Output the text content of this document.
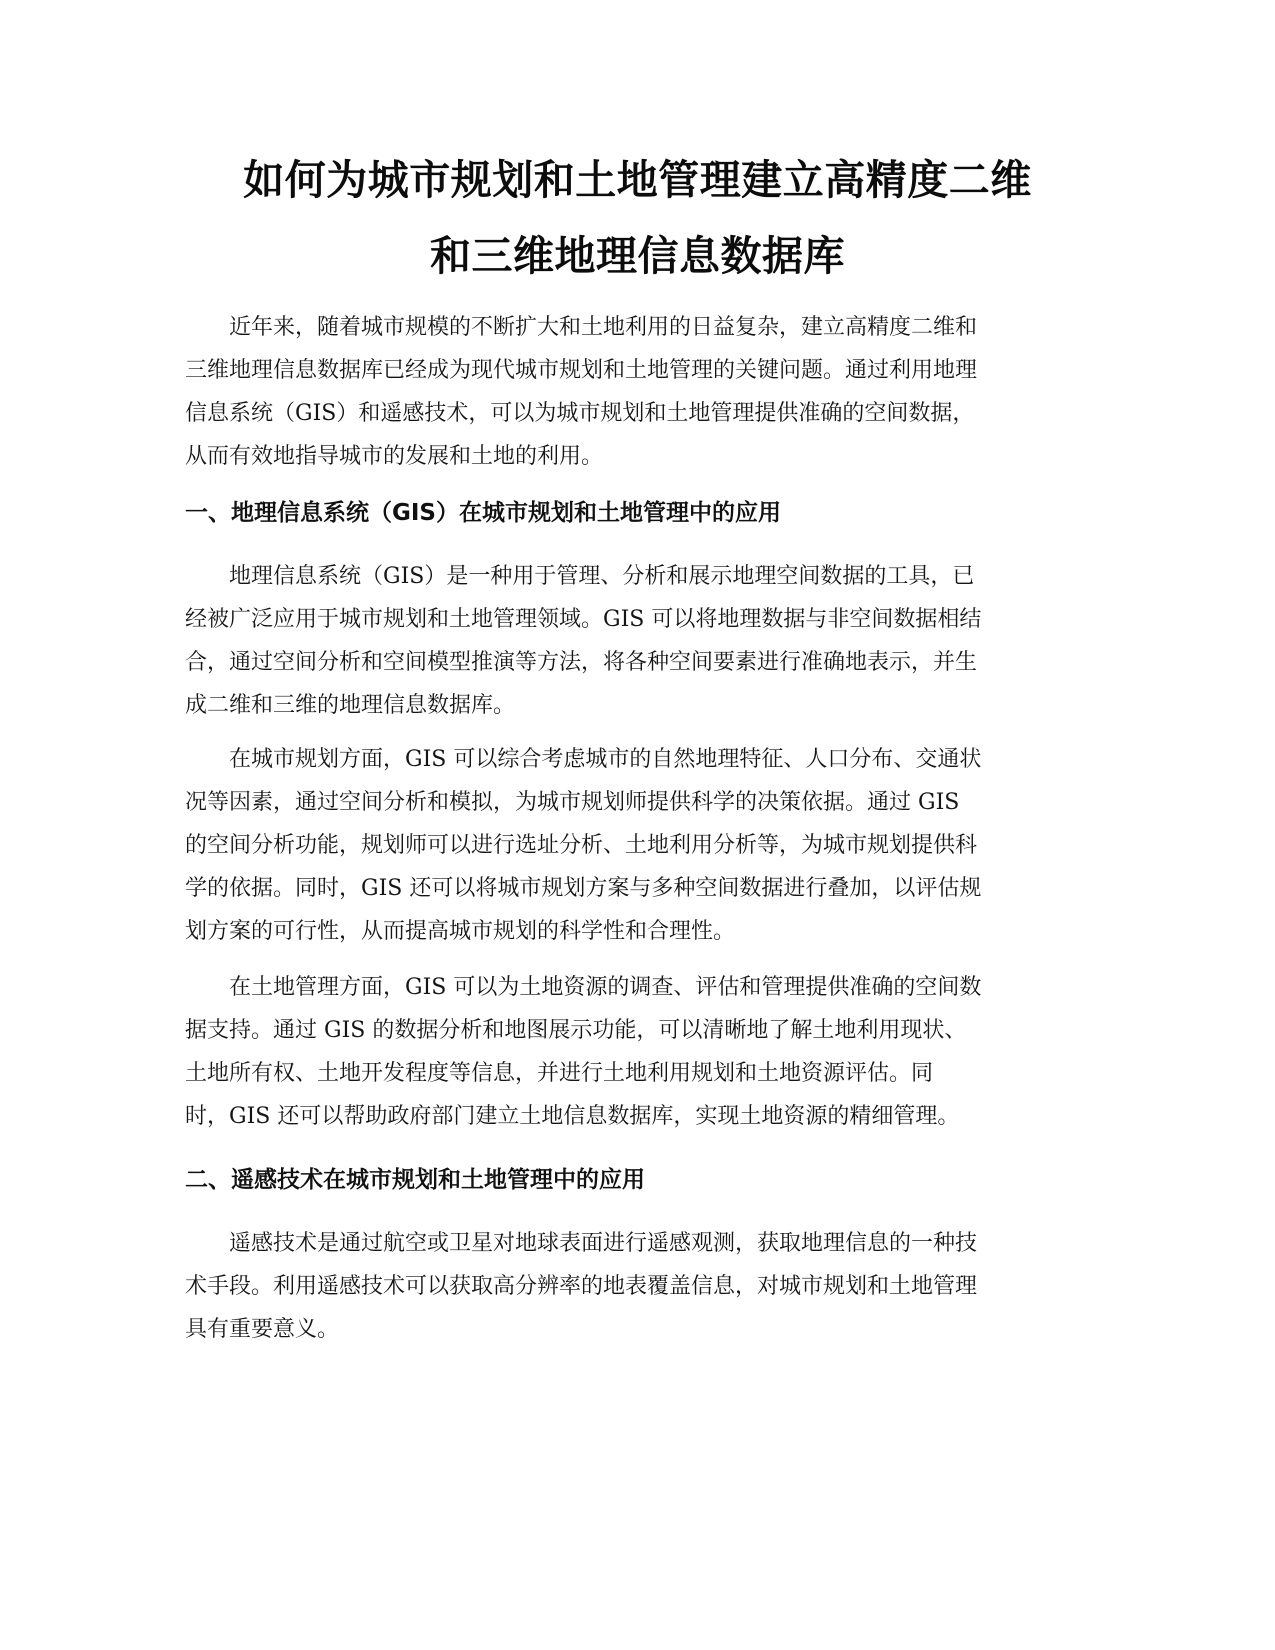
如何为城市规划和土地管理建立高精度二维
和三维地理信息数据库

近年来，随着城市规模的不断扩大和土地利用的日益复杂，建立高精度二维和
三维地理信息数据库已经成为现代城市规划和土地管理的关键问题。通过利用地理
信息系统（GIS）和遥感技术，可以为城市规划和土地管理提供准确的空间数据，
从而有效地指导城市的发展和土地的利用。

一、地理信息系统（GIS）在城市规划和土地管理中的应用

地理信息系统（GIS）是一种用于管理、分析和展示地理空间数据的工具，已
经被广泛应用于城市规划和土地管理领域。GIS 可以将地理数据与非空间数据相结
合，通过空间分析和空间模型推演等方法，将各种空间要素进行准确地表示，并生
成二维和三维的地理信息数据库。

在城市规划方面，GIS 可以综合考虑城市的自然地理特征、人口分布、交通状
况等因素，通过空间分析和模拟，为城市规划师提供科学的决策依据。通过 GIS
的空间分析功能，规划师可以进行选址分析、土地利用分析等，为城市规划提供科
学的依据。同时，GIS 还可以将城市规划方案与多种空间数据进行叠加，以评估规
划方案的可行性，从而提高城市规划的科学性和合理性。

在土地管理方面，GIS 可以为土地资源的调查、评估和管理提供准确的空间数
据支持。通过 GIS 的数据分析和地图展示功能，可以清晰地了解土地利用现状、
土地所有权、土地开发程度等信息，并进行土地利用规划和土地资源评估。同
时，GIS 还可以帮助政府部门建立土地信息数据库，实现土地资源的精细管理。

二、遥感技术在城市规划和土地管理中的应用

遥感技术是通过航空或卫星对地球表面进行遥感观测，获取地理信息的一种技
术手段。利用遥感技术可以获取高分辨率的地表覆盖信息，对城市规划和土地管理
具有重要意义。
